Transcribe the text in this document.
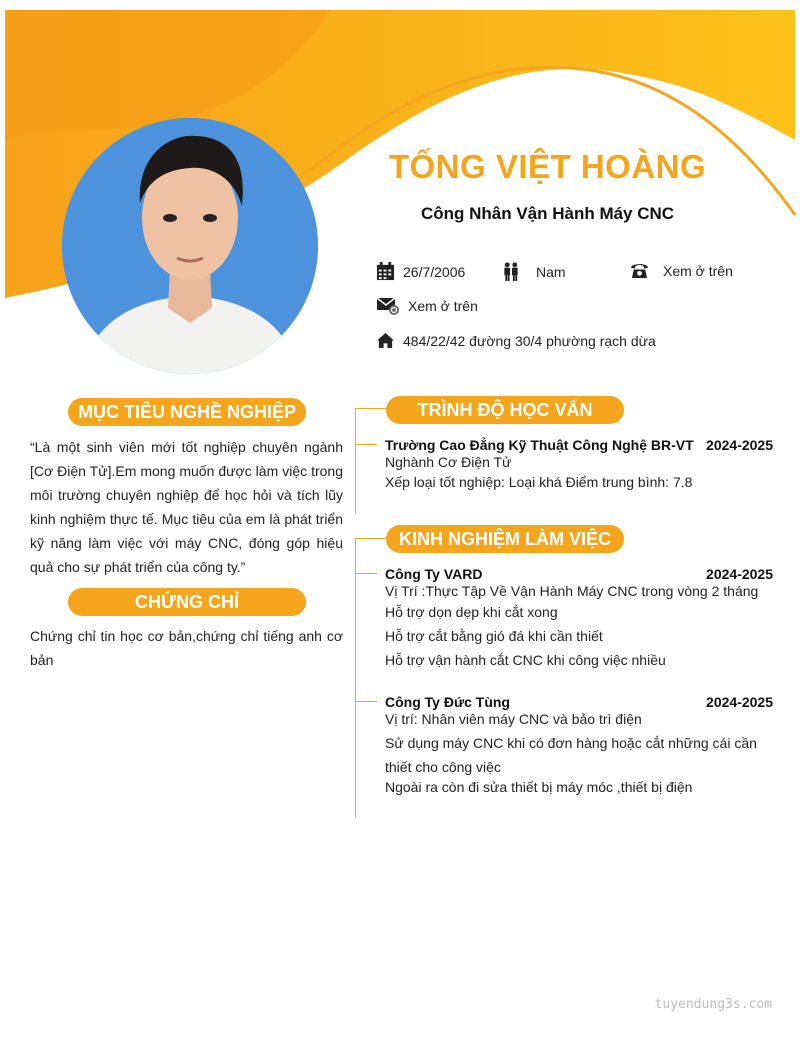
TỐNG VIỆT HOÀNG
Công Nhân Vận Hành Máy CNC
26/7/2006	Nam	Xem ở trên
Xem ở trên
484/22/42 đường 30/4 phường rạch dừa
MỤC TIÊU NGHỀ NGHIỆP
“Là một sinh viên mới tốt nghiệp chuyên ngành [Cơ Điện Tử].Em mong muốn được làm việc trong môi trường chuyên nghiệp để học hỏi và tích lũy kinh nghiệm thực tế. Mục tiêu của em là phát triển kỹ năng làm việc với máy CNC, đóng góp hiệu quả cho sự phát triển của công ty.”
CHỨNG CHỈ
Chứng chỉ tin học cơ bản,chứng chỉ tiếng anh cơ bản
TRÌNH ĐỘ HỌC VẤN
Trường Cao Đẳng Kỹ Thuật Công Nghệ BR-VT 2024-2025
Nghành Cơ Điện Tử
Xếp loại tốt nghiệp: Loại khá Điểm trung bình: 7.8
KINH NGHIỆM LÀM VIỆC
Công Ty VARD	2024-2025
Vị Trí :Thực Tập Về Vận Hành Máy CNC trong vòng 2 tháng
Hỗ trợ dọn dẹp khi cắt xong
Hỗ trợ cắt bằng gió đá khi cần thiết
Hỗ trợ vận hành cắt CNC khi công việc nhiều
Công Ty Đức Tùng	2024-2025
Vị trí: Nhân viên máy CNC và bảo trì điện
Sử dụng máy CNC khi có đơn hàng hoặc cắt những cái cần thiết cho công việc
Ngoài ra còn đi sửa thiết bị máy móc ,thiết bị điện
tuyendung3s.com
